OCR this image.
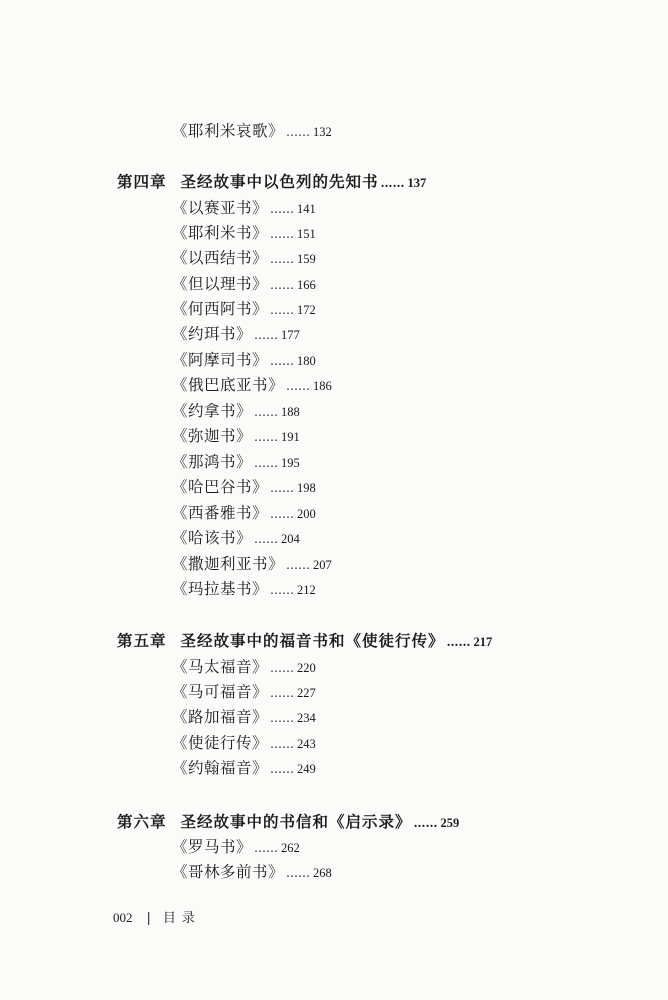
《耶利米哀歌》 …… 132
第四章 圣经故事中以色列的先知书 …… 137
《以赛亚书》 …… 141
《耶利米书》 …… 151
《以西结书》 …… 159
《但以理书》 …… 166
《何西阿书》 …… 172
《约珥书》 …… 177
《阿摩司书》 …… 180
《俄巴底亚书》 …… 186
《约拿书》 …… 188
《弥迦书》 …… 191
《那鸿书》 …… 195
《哈巴谷书》 …… 198
《西番雅书》 …… 200
《哈该书》 …… 204
《撒迦利亚书》 …… 207
《玛拉基书》 …… 212
第五章 圣经故事中的福音书和《使徒行传》 …… 217
《马太福音》 …… 220
《马可福音》 …… 227
《路加福音》 …… 234
《使徒行传》 …… 243
《约翰福音》 …… 249
第六章 圣经故事中的书信和《启示录》 …… 259
《罗马书》 …… 262
《哥林多前书》 …… 268
002 | 目录
